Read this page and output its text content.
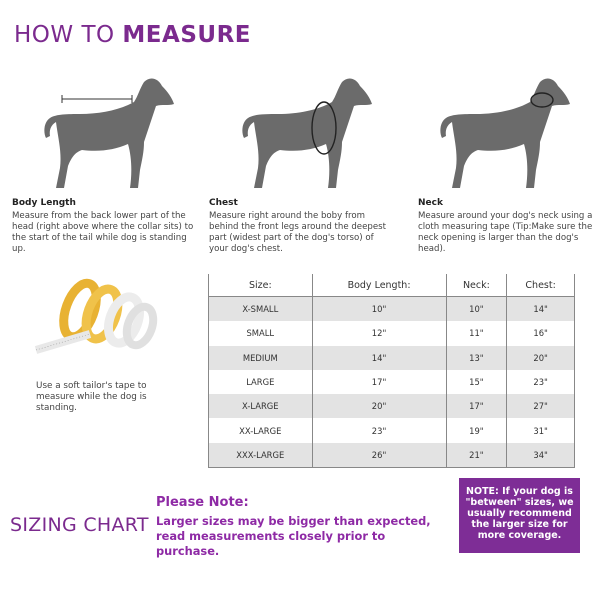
HOW TO MEASURE
Body Length
Measure from the back lower part of the head (right above where the collar sits) to the start of the tail while dog is standing up.
Chest
Measure right around the boby from behind the front legs around the deepest part (widest part of the dog's torso) of your dog's chest.
Neck
Measure around your dog's neck using a cloth measuring tape (Tip:Make sure the neck opening is larger than the dog's head).
Use a soft tailor's tape to measure while the dog is standing.
Size:	Body Length:	Neck:	Chest:
X-SMALL	10"	10"	14"
SMALL	12"	11"	16"
MEDIUM	14"	13"	20"
LARGE	17"	15"	23"
X-LARGE	20"	17"	27"
XX-LARGE	23"	19"	31"
XXX-LARGE	26"	21"	34"
SIZING CHART
Please Note:
Larger sizes may be bigger than expected, read measurements closely prior to purchase.
NOTE: If your dog is "between" sizes, we usually recommend the larger size for more coverage.
